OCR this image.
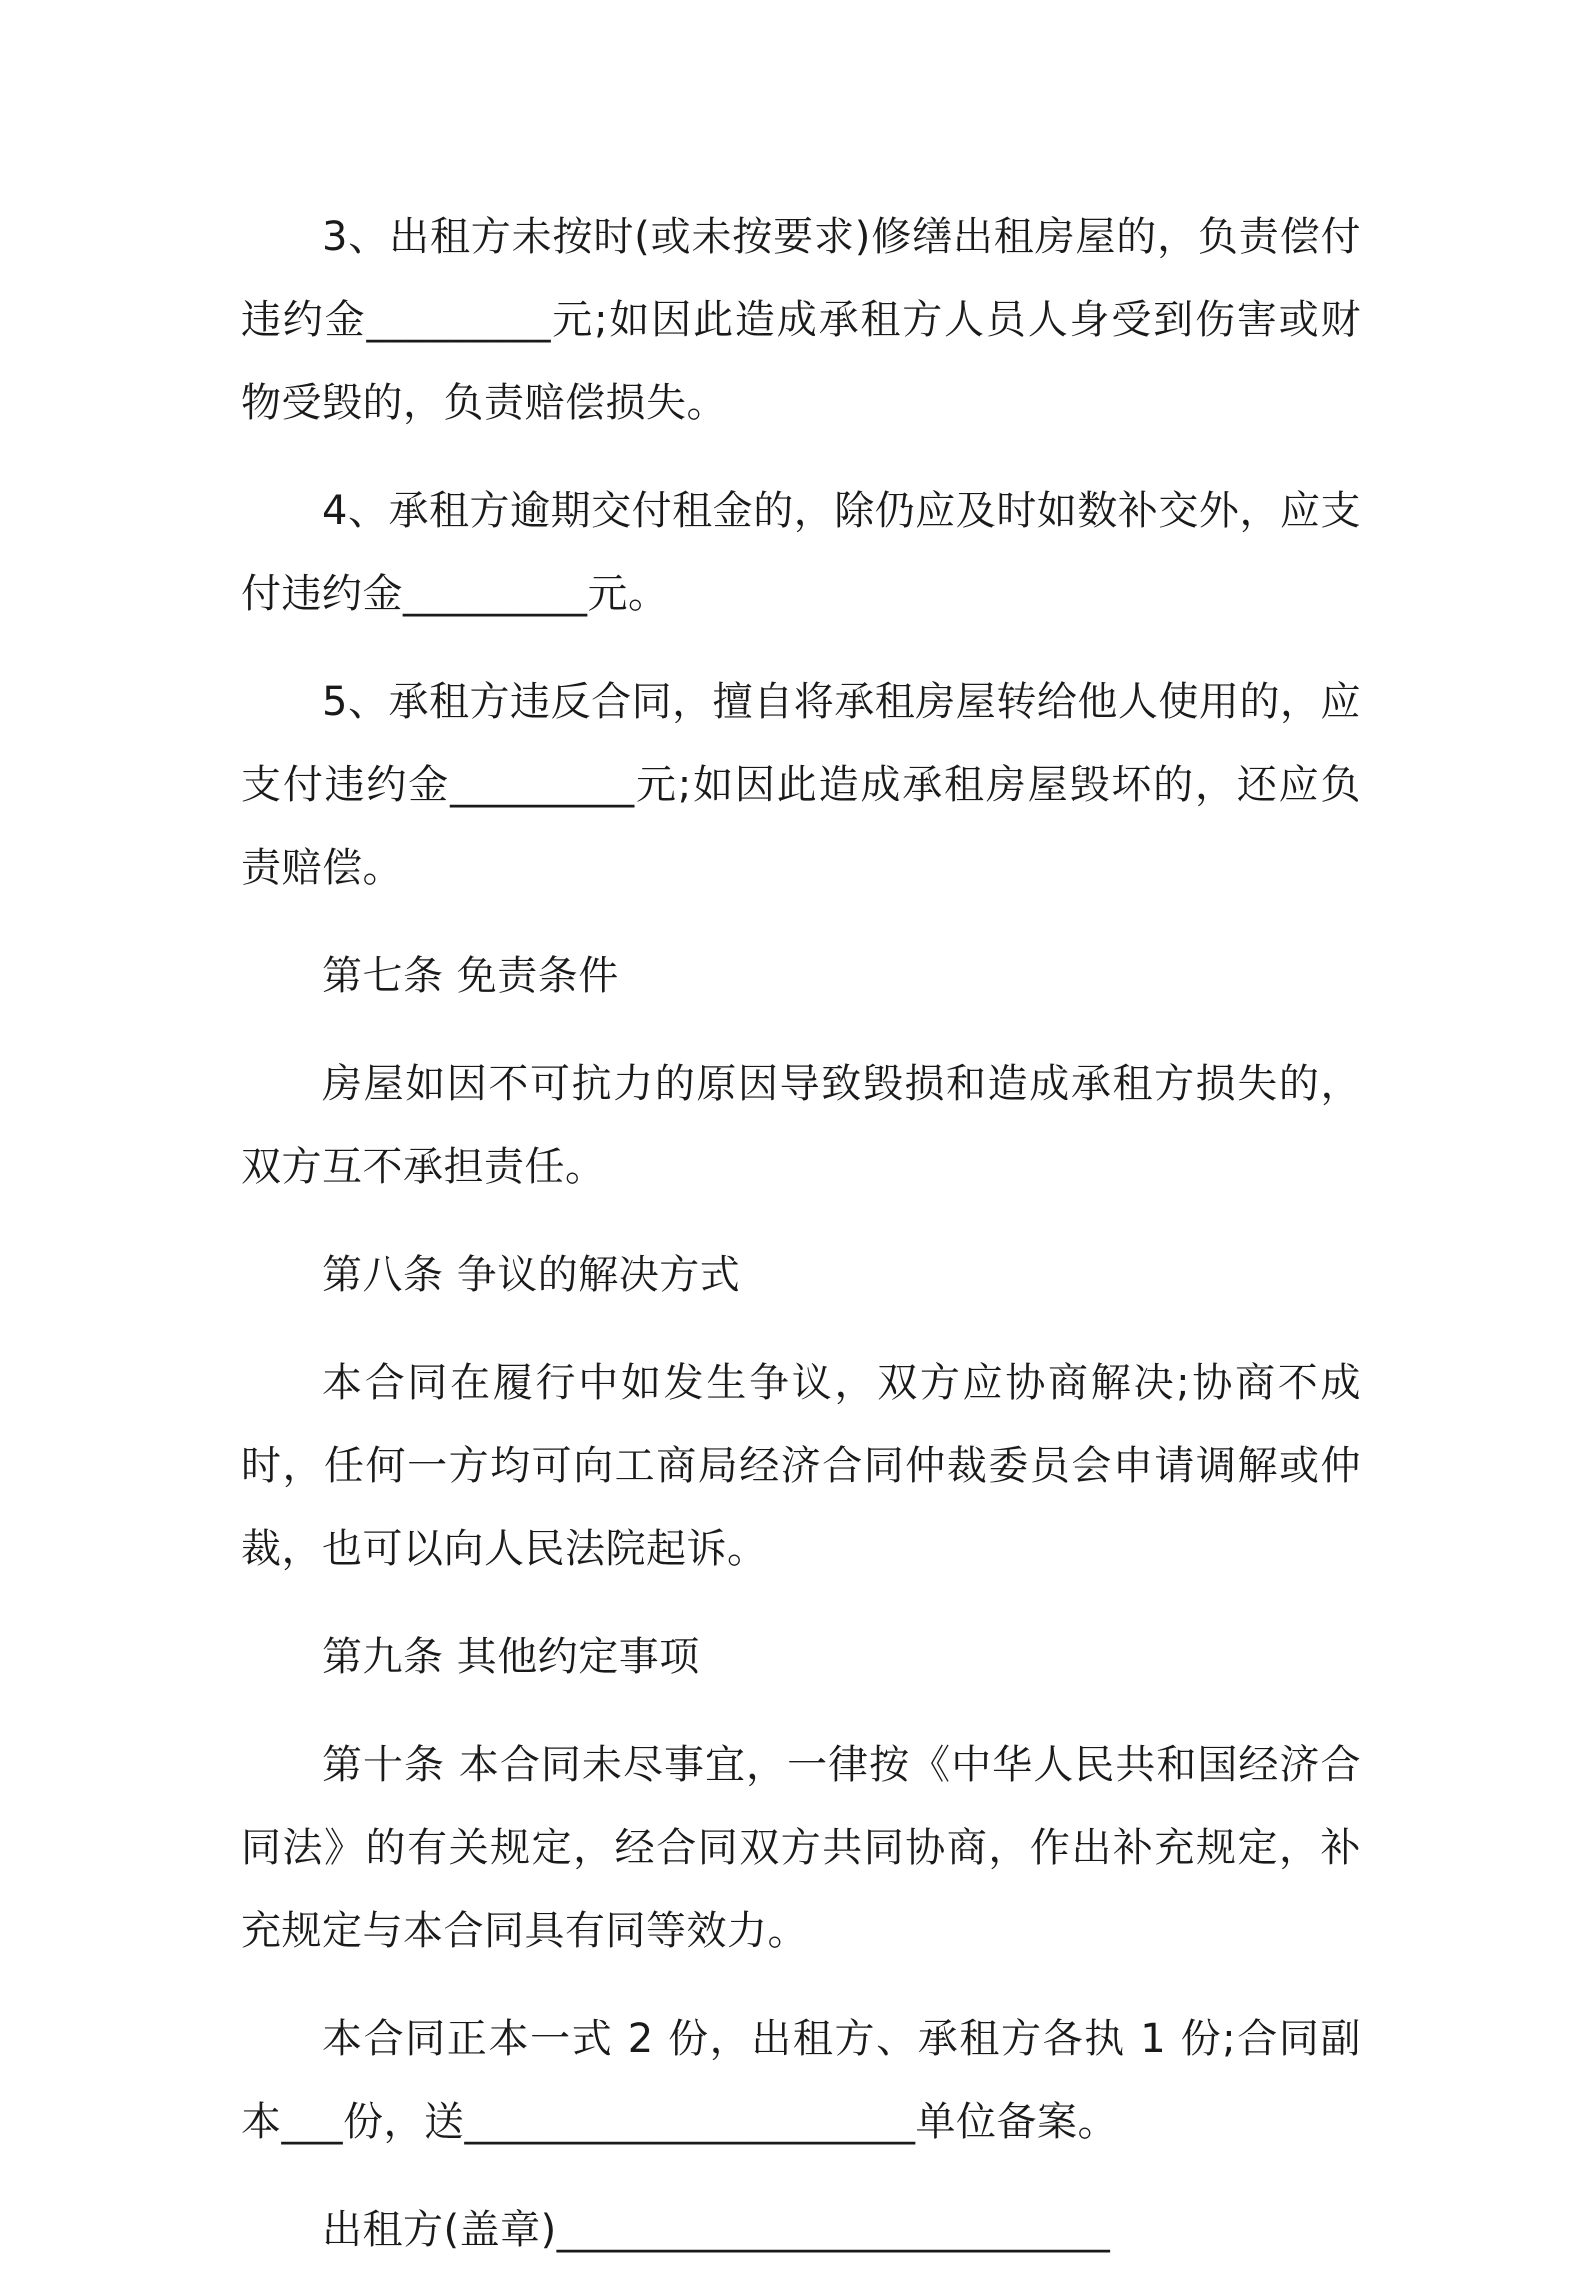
3、出租方未按时(或未按要求)修缮出租房屋的，负责偿付违约金_________元;如因此造成承租方人员人身受到伤害或财物受毁的，负责赔偿损失。

4、承租方逾期交付租金的，除仍应及时如数补交外，应支付违约金_________元。

5、承租方违反合同，擅自将承租房屋转给他人使用的，应支付违约金_________元;如因此造成承租房屋毁坏的，还应负责赔偿。

第七条 免责条件

房屋如因不可抗力的原因导致毁损和造成承租方损失的，双方互不承担责任。

第八条 争议的解决方式

本合同在履行中如发生争议，双方应协商解决;协商不成时，任何一方均可向工商局经济合同仲裁委员会申请调解或仲裁，也可以向人民法院起诉。

第九条 其他约定事项

第十条 本合同未尽事宜，一律按《中华人民共和国经济合同法》的有关规定，经合同双方共同协商，作出补充规定，补充规定与本合同具有同等效力。

本合同正本一式 2 份，出租方、承租方各执 1 份;合同副本___份，送______________________单位备案。

出租方(盖章)___________________________
